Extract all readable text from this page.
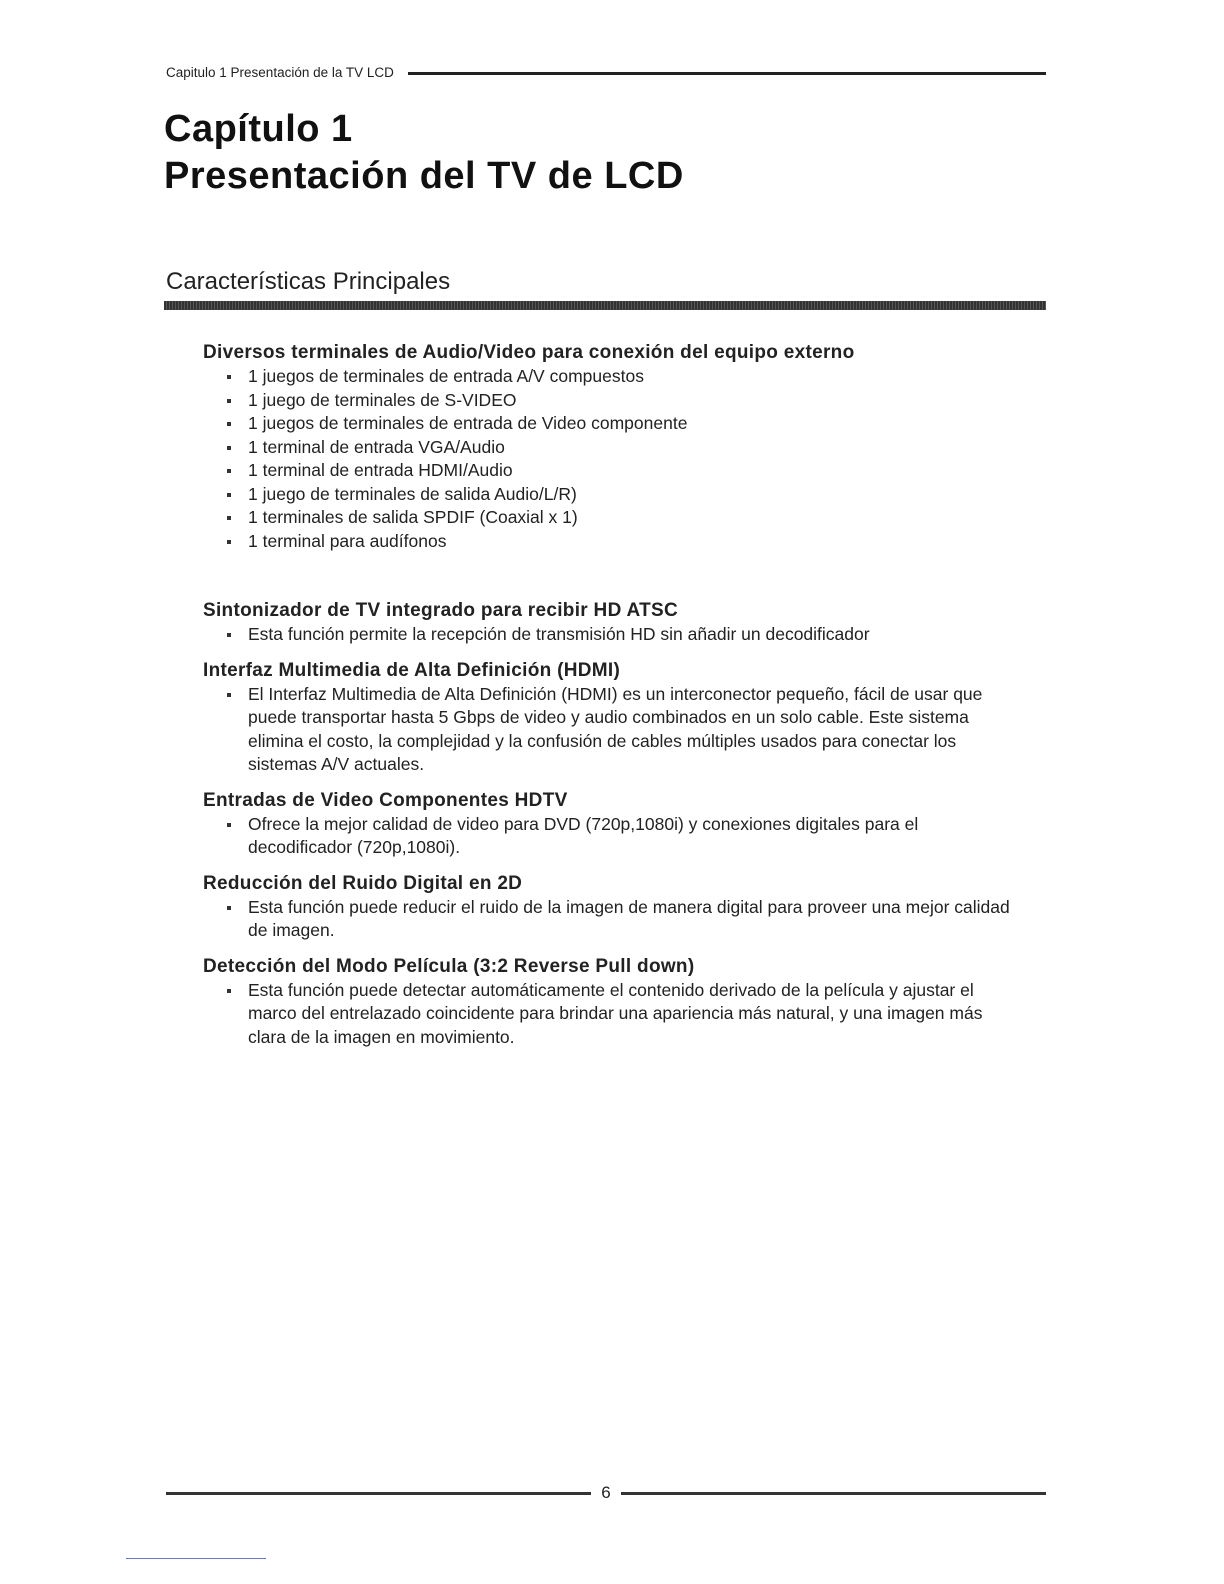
Capitulo 1 Presentación de la TV LCD
Capítulo 1
Presentación del TV de LCD
Características Principales
Diversos terminales de Audio/Video para conexión del equipo externo
1 juegos de terminales de entrada A/V compuestos
1 juego de terminales de S-VIDEO
1 juegos de terminales de entrada de Video componente
1 terminal de entrada VGA/Audio
1 terminal de entrada HDMI/Audio
1 juego de terminales de salida Audio/L/R)
1 terminales de salida SPDIF (Coaxial x 1)
1 terminal para audífonos
Sintonizador de TV integrado para recibir HD ATSC
Esta función permite la recepción de transmisión HD sin añadir un decodificador
Interfaz Multimedia de Alta Definición (HDMI)
El Interfaz Multimedia de Alta Definición (HDMI) es un interconector pequeño, fácil de usar que puede transportar hasta 5 Gbps de video y audio combinados en un solo cable. Este sistema elimina el costo, la complejidad y la confusión de cables múltiples usados para conectar los sistemas A/V actuales.
Entradas de Video Componentes HDTV
Ofrece la mejor calidad de video para DVD (720p,1080i) y conexiones digitales para el decodificador (720p,1080i).
Reducción del Ruido Digital en 2D
Esta función puede reducir el ruido de la imagen de manera digital para proveer una mejor calidad de imagen.
Detección del Modo Película (3:2 Reverse Pull down)
Esta función puede detectar automáticamente el contenido derivado de la película y ajustar el marco del entrelazado coincidente para brindar una apariencia más natural, y una imagen más clara de la imagen en movimiento.
6
